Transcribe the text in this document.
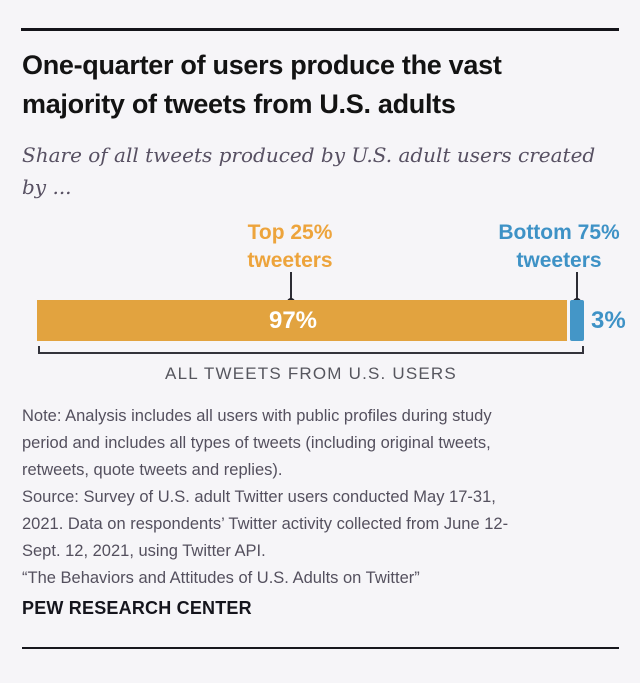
One-quarter of users produce the vast
majority of tweets from U.S. adults
Share of all tweets produced by U.S. adult users created
by ...
Top 25%
tweeters
Bottom 75%
tweeters
97%	3%
ALL TWEETS FROM U.S. USERS
Note: Analysis includes all users with public profiles during study
period and includes all types of tweets (including original tweets,
retweets, quote tweets and replies).
Source: Survey of U.S. adult Twitter users conducted May 17-31,
2021. Data on respondents’ Twitter activity collected from June 12-
Sept. 12, 2021, using Twitter API.
“The Behaviors and Attitudes of U.S. Adults on Twitter”
PEW RESEARCH CENTER
